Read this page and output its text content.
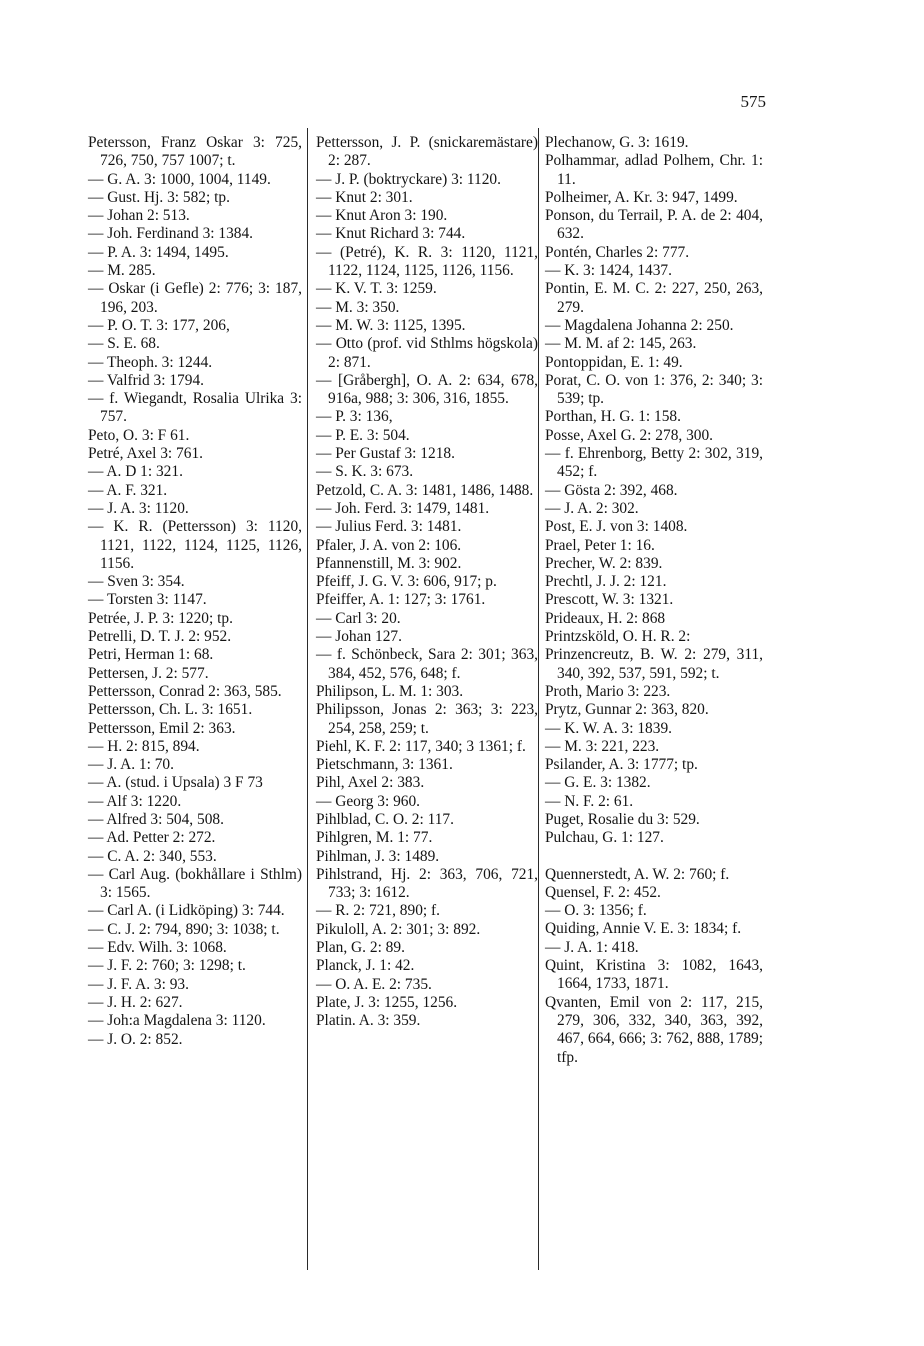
575

Petersson, Franz Oskar 3: 725, 726, 750, 757 1007; t.

— G. A. 3: 1000, 1004, 1149.

— Gust. Hj. 3: 582; tp.

— Johan 2: 513.

— Joh. Ferdinand 3: 1384.

— P. A. 3: 1494, 1495.

— M. 285.

— Oskar (i Gefle) 2: 776; 3: 187, 196, 203.

— P. O. T. 3: 177, 206,

— S. E. 68.

— Theoph. 3: 1244.

— Valfrid 3: 1794.

— f. Wiegandt, Rosalia Ulrika 3: 757.

Peto, O. 3: F 61.

Petré, Axel 3: 761.

— A. D 1: 321.

— A. F. 321.

— J. A. 3: 1120.

— K. R. (Pettersson) 3: 1120, 1121, 1122, 1124, 1125, 1126, 1156.

— Sven 3: 354.

— Torsten 3: 1147.

Petrée, J. P. 3: 1220; tp.

Petrelli, D. T. J. 2: 952.

Petri, Herman 1: 68.

Pettersen, J. 2: 577.

Pettersson, Conrad 2: 363, 585.

Pettersson, Ch. L. 3: 1651.

Pettersson, Emil 2: 363.

— H. 2: 815, 894.

— J. A. 1: 70.

— A. (stud. i Upsala) 3 F 73

— Alf 3: 1220.

— Alfred 3: 504, 508.

— Ad. Petter 2: 272.

— C. A. 2: 340, 553.

— Carl Aug. (bokhållare i Sthlm) 3: 1565.

— Carl A. (i Lidköping) 3: 744.

— C. J. 2: 794, 890; 3: 1038; t.

— Edv. Wilh. 3: 1068.

— J. F. 2: 760; 3: 1298; t.

— J. F. A. 3: 93.

— J. H. 2: 627.

— Joh:a Magdalena 3: 1120.

— J. O. 2: 852.

Pettersson, J. P. (snickaremästare) 2: 287.

— J. P. (boktryckare) 3: 1120.

— Knut 2: 301.

— Knut Aron 3: 190.

— Knut Richard 3: 744.

— (Petré), K. R. 3: 1120, 1121, 1122, 1124, 1125, 1126, 1156.

— K. V. T. 3: 1259.

— M. 3: 350.

— M. W. 3: 1125, 1395.

— Otto (prof. vid Sthlms högskola) 2: 871.

— [Gråbergh], O. A. 2: 634, 678, 916a, 988; 3: 306, 316, 1855.

— P. 3: 136,

— P. E. 3: 504.

— Per Gustaf 3: 1218.

— S. K. 3: 673.

Petzold, C. A. 3: 1481, 1486, 1488.

— Joh. Ferd. 3: 1479, 1481.

— Julius Ferd. 3: 1481.

Pfaler, J. A. von 2: 106.

Pfannenstill, M. 3: 902.

Pfeiff, J. G. V. 3: 606, 917; p.

Pfeiffer, A. 1: 127; 3: 1761.

— Carl 3: 20.

— Johan 127.

— f. Schönbeck, Sara 2: 301; 363, 384, 452, 576, 648; f.

Philipson, L. M. 1: 303.

Philipsson, Jonas 2: 363; 3: 223, 254, 258, 259; t.

Piehl, K. F. 2: 117, 340; 3 1361; f.

Pietschmann, 3: 1361.

Pihl, Axel 2: 383.

— Georg 3: 960.

Pihlblad, C. O. 2: 117.

Pihlgren, M. 1: 77.

Pihlman, J. 3: 1489.

Pihlstrand, Hj. 2: 363, 706, 721, 733; 3: 1612.

— R. 2: 721, 890; f.

Pikuloll, A. 2: 301; 3: 892.

Plan, G. 2: 89.

Planck, J. 1: 42.

— O. A. E. 2: 735.

Plate, J. 3: 1255, 1256.

Platin. A. 3: 359.

Plechanow, G. 3: 1619.

Polhammar, adlad Polhem, Chr. 1: 11.

Polheimer, A. Kr. 3: 947, 1499.

Ponson, du Terrail, P. A. de 2: 404, 632.

Pontén, Charles 2: 777.

— K. 3: 1424, 1437.

Pontin, E. M. C. 2: 227, 250, 263, 279.

— Magdalena Johanna 2: 250.

— M. M. af 2: 145, 263.

Pontoppidan, E. 1: 49.

Porat, C. O. von 1: 376, 2: 340; 3: 539; tp.

Porthan, H. G. 1: 158.

Posse, Axel G. 2: 278, 300.

— f. Ehrenborg, Betty 2: 302, 319, 452; f.

— Gösta 2: 392, 468.

— J. A. 2: 302.

Post, E. J. von 3: 1408.

Prael, Peter 1: 16.

Precher, W. 2: 839.

Prechtl, J. J. 2: 121.

Prescott, W. 3: 1321.

Prideaux, H. 2: 868

Printzsköld, O. H. R. 2:

Prinzencreutz, B. W. 2: 279, 311, 340, 392, 537, 591, 592; t.

Proth, Mario 3: 223.

Prytz, Gunnar 2: 363, 820.

— K. W. A. 3: 1839.

— M. 3: 221, 223.

Psilander, A. 3: 1777; tp.

— G. E. 3: 1382.

— N. F. 2: 61.

Puget, Rosalie du 3: 529.

Pulchau, G. 1: 127.

Quennerstedt, A. W. 2: 760; f.

Quensel, F. 2: 452.

— O. 3: 1356; f.

Quiding, Annie V. E. 3: 1834; f.

— J. A. 1: 418.

Quint, Kristina 3: 1082, 1643, 1664, 1733, 1871.

Qvanten, Emil von 2: 117, 215, 279, 306, 332, 340, 363, 392, 467, 664, 666; 3: 762, 888, 1789; tfp.
